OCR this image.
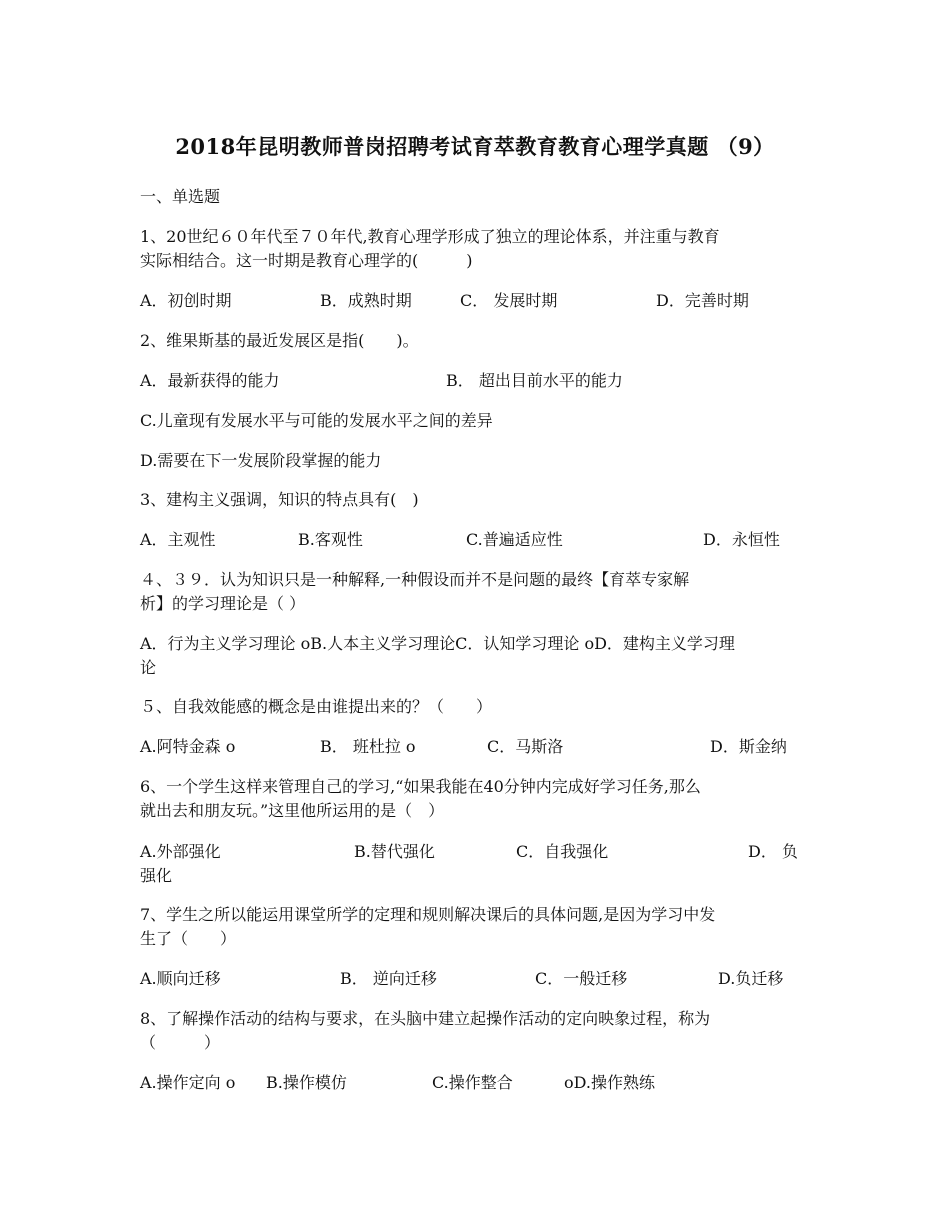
2018年昆明教师普岗招聘考试育萃教育教育心理学真题 （9）
一、单选题
1、20世纪６０年代至７０年代,教育心理学形成了独立的理论体系，并注重与教育
实际相结合。这一时期是教育心理学的(　　　)
A．初创时期	B．成熟时期	C． 发展时期	D．完善时期
2、维果斯基的最近发展区是指(　　)。
A．最新获得的能力	B． 超出目前水平的能力
C.儿童现有发展水平与可能的发展水平之间的差异
D.需要在下一发展阶段掌握的能力
3、建构主义强调，知识的特点具有(　)
A．主观性	B.客观性	C.普遍适应性	D．永恒性
４、３９．认为知识只是一种解释,一种假设而并不是问题的最终【育萃专家解
析】的学习理论是（ ）
A．行为主义学习理论 oB.人本主义学习理论C．认知学习理论 oD．建构主义学习理
论
５、自我效能感的概念是由谁提出来的？（　　）
A.阿特金森 o	B． 班杜拉 o	C．马斯洛	D．斯金纳
6、一个学生这样来管理自己的学习,“如果我能在40分钟内完成好学习任务,那么
就出去和朋友玩。”这里他所运用的是（　）
A.外部强化	B.替代强化	C．自我强化	D． 负
强化
7、学生之所以能运用课堂所学的定理和规则解决课后的具体问题,是因为学习中发
生了（　　）
A.顺向迁移	B． 逆向迁移	C．一般迁移	D.负迁移
8、了解操作活动的结构与要求，在头脑中建立起操作活动的定向映象过程，称为
（　　　）
A.操作定向 o B.操作模仿	C.操作整合	oD.操作熟练
